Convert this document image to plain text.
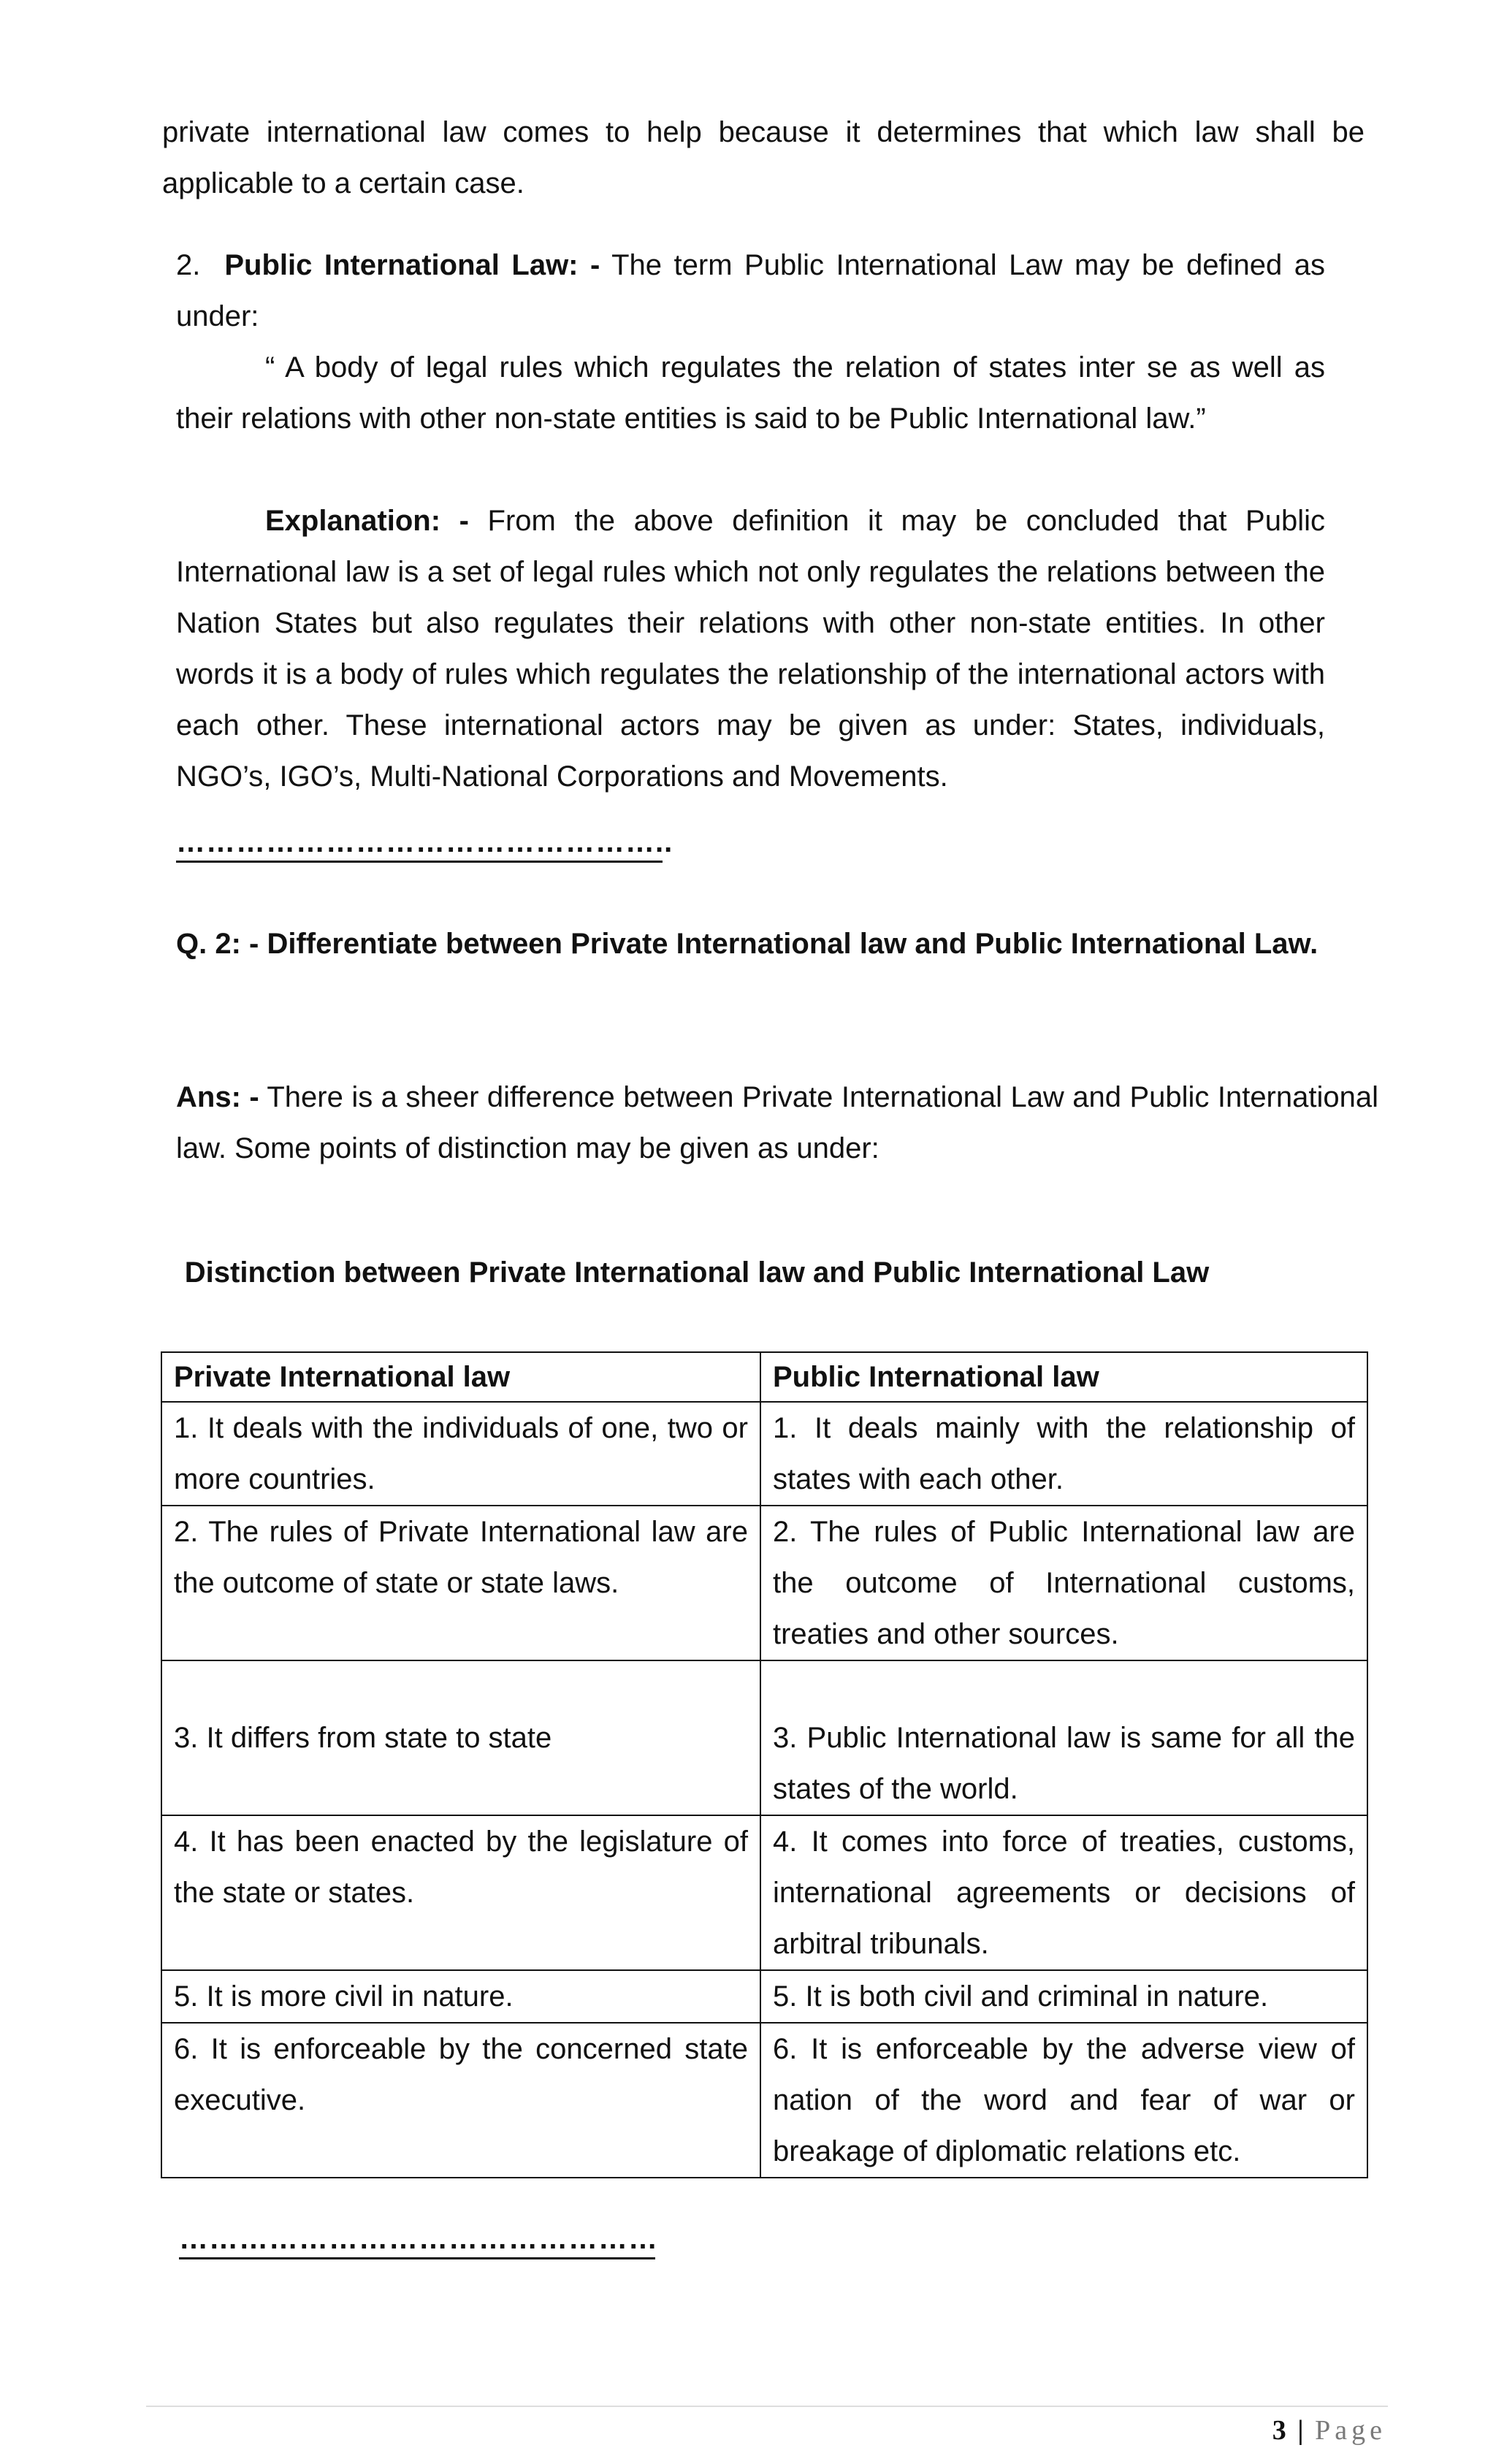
private international law comes to help because it determines that which law shall be applicable to a certain case.

2. Public International Law: - The term Public International Law may be defined as under:

“ A body of legal rules which regulates the relation of states inter se as well as their relations with other non-state entities is said to be Public International law.”

Explanation: - From the above definition it may be concluded that Public International law is a set of legal rules which not only regulates the relations between the Nation States but also regulates their relations with other non-state entities. In other words it is a body of rules which regulates the relationship of the international actors with each other. These international actors may be given as under: States, individuals, NGO’s, IGO’s, Multi-National Corporations and Movements.

…………………………………………..

Q. 2: - Differentiate between Private International law and Public International Law.

Ans: - There is a sheer difference between Private International Law and Public International law. Some points of distinction may be given as under:

Distinction between Private International law and Public International Law

Private International law	Public International law
1. It deals with the individuals of one, two or more countries.	1. It deals mainly with the relationship of states with each other.
2. The rules of Private International law are the outcome of state or state laws.	2. The rules of Public International law are the outcome of International customs, treaties and other sources.

3. It differs from state to state	3. Public International law is same for all the states of the world.

4. It has been enacted by the legislature of the state or states.	4. It comes into force of treaties, customs, international agreements or decisions of arbitral tribunals.
5. It is more civil in nature.	5. It is both civil and criminal in nature.
6. It is enforceable by the concerned state executive.	6. It is enforceable by the adverse view of nation of the word and fear of war or breakage of diplomatic relations etc.
…………………………………………
3 | Page
